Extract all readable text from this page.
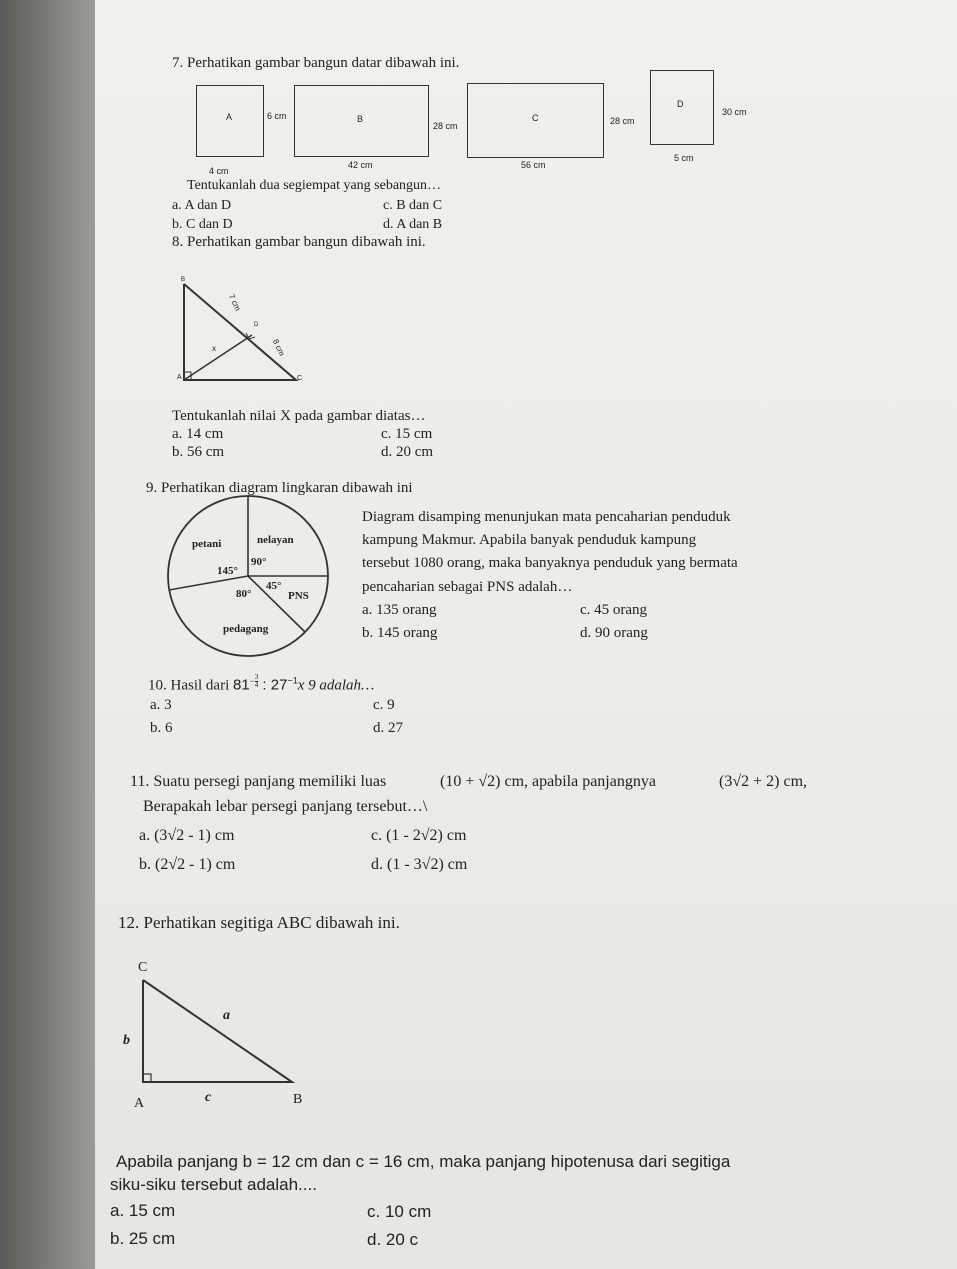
7. Perhatikan gambar bangun datar dibawah ini.
A	6 cm
4 cm
B
28 cm
42 cm
C	28 cm
56 cm
D
30 cm
5 cm
Tentukanlah dua segiempat yang sebangun…
a. A dan D	c. B dan C
b. C dan D	d. A dan B
8. Perhatikan gambar bangun dibawah ini.
B
D
A	C
x
7 cm
8 cm
Tentukanlah nilai X pada gambar diatas…
a. 14 cm	c. 15 cm
b. 56 cm	d. 20 cm
9. Perhatikan diagram lingkaran dibawah ini
petani	nelayan
145°
90°
80°
45°
PNS
pedagang
Diagram disamping menunjukan mata pencaharian penduduk
kampung Makmur. Apabila banyak penduduk kampung
tersebut 1080 orang, maka banyaknya penduduk yang bermata
pencaharian sebagai PNS adalah…
a. 135 orang	c. 45 orang
b. 145 orang	d. 90 orang
10. Hasil dari $81^{- \frac{3}{4}}$ : $27^{-1}x$ 9 adalah…
a. 3	c. 9
b. 6	d. 27
11. Suatu persegi panjang memiliki luas	(10 + √2) cm, apabila panjangnya	(3√2 + 2) cm,
Berapakah lebar persegi panjang tersebut…\
a. (3√2 - 1) cm	c. (1 - 2√2) cm
b. (2√2 - 1) cm	d. (1 - 3√2) cm
12. Perhatikan segitiga ABC dibawah ini.
C
A	B
a
b
c
Apabila panjang b = 12 cm dan c = 16 cm, maka panjang hipotenusa dari segitiga
siku-siku tersebut adalah....
a. 15 cm	c. 10 cm
b. 25 cm	d. 20 c
